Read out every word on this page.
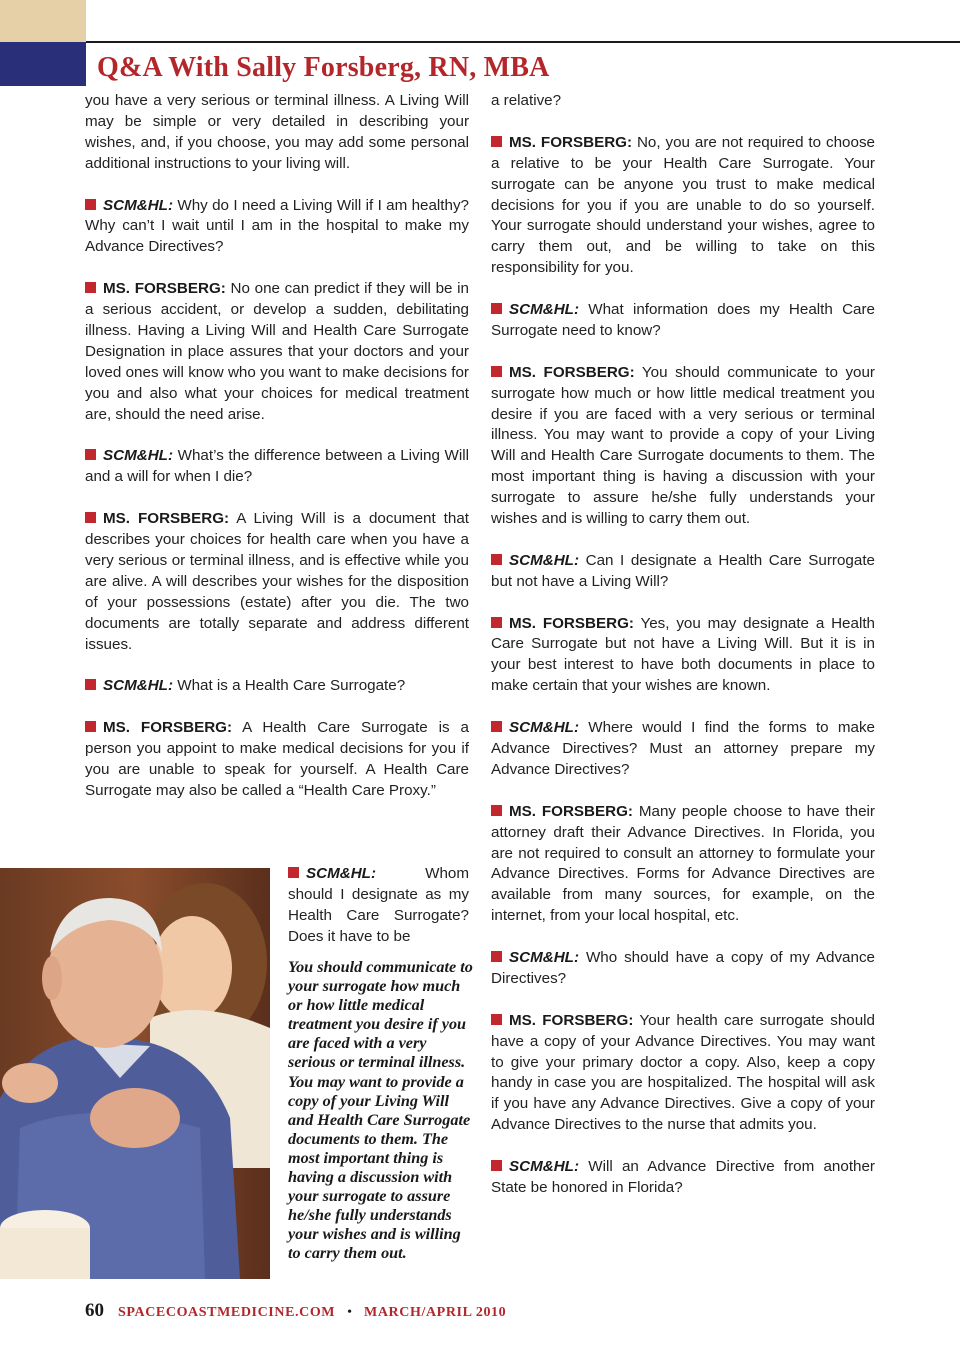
Q&A With Sally Forsberg, RN, MBA

you have a very serious or terminal illness. A Living Will may be simple or very detailed in describing your wishes, and, if you choose, you may add some personal additional instructions to your living will.

SCM&HL: Why do I need a Living Will if I am healthy? Why can’t I wait until I am in the hospital to make my Advance Directives?

MS. FORSBERG: No one can predict if they will be in a serious accident, or develop a sudden, debilitating illness. Having a Living Will and Health Care Surrogate Designation in place assures that your doctors and your loved ones will know who you want to make decisions for you and also what your choices for medical treatment are, should the need arise.

SCM&HL: What’s the difference between a Living Will and a will for when I die?

MS. FORSBERG: A Living Will is a document that describes your choices for health care when you have a very serious or terminal illness, and is effective while you are alive. A will describes your wishes for the disposition of your possessions (estate) after you die. The two documents are totally separate and address different issues.

SCM&HL: What is a Health Care Surrogate?

MS. FORSBERG: A Health Care Surrogate is a person you appoint to make medical decisions for you if you are unable to speak for yourself. A Health Care Surrogate may also be called a “Health Care Proxy.”

a relative?

MS. FORSBERG: No, you are not required to choose a relative to be your Health Care Surrogate. Your surrogate can be anyone you trust to make medical decisions for you if you are unable to do so yourself. Your surrogate should understand your wishes, agree to carry them out, and be willing to take on this responsibility for you.

SCM&HL: What information does my Health Care Surrogate need to know?

MS. FORSBERG: You should communicate to your surrogate how much or how little medical treatment you desire if you are faced with a very serious or terminal illness. You may want to provide a copy of your Living Will and Health Care Surrogate documents to them. The most important thing is having a discussion with your surrogate to assure he/she fully understands your wishes and is willing to carry them out.

SCM&HL: Can I designate a Health Care Surrogate but not have a Living Will?

MS. FORSBERG: Yes, you may designate a Health Care Surrogate but not have a Living Will. But it is in your best interest to have both documents in place to make certain that your wishes are known.

SCM&HL: Where would I find the forms to make Advance Directives? Must an attorney prepare my Advance Directives?

MS. FORSBERG: Many people choose to have their attorney draft their Advance Directives. In Florida, you are not required to consult an attorney to formulate your Advance Directives. Forms for Advance Directives are available from many sources, for example, on the internet, from your local hospital, etc.

SCM&HL: Who should have a copy of my Advance Directives?

MS. FORSBERG: Your health care surrogate should have a copy of your Advance Directives. You may want to give your primary doctor a copy. Also, keep a copy handy in case you are hospitalized. The hospital will ask if you have any Advance Directives. Give a copy of your Advance Directives to the nurse that admits you.

SCM&HL: Will an Advance Directive from another State be honored in Florida?

SCM&HL: Whom should I designate as my Health Care Surrogate? Does it have to be

You should communicate to your surrogate how much or how little medical treatment you desire if you are faced with a very serious or terminal illness. You may want to provide a copy of your Living Will and Health Care Surrogate documents to them. The most important thing is having a discussion with your surrogate to assure he/she fully understands your wishes and is willing to carry them out.

60 SPACECOASTMEDICINE.COM • MARCH/APRIL 2010
